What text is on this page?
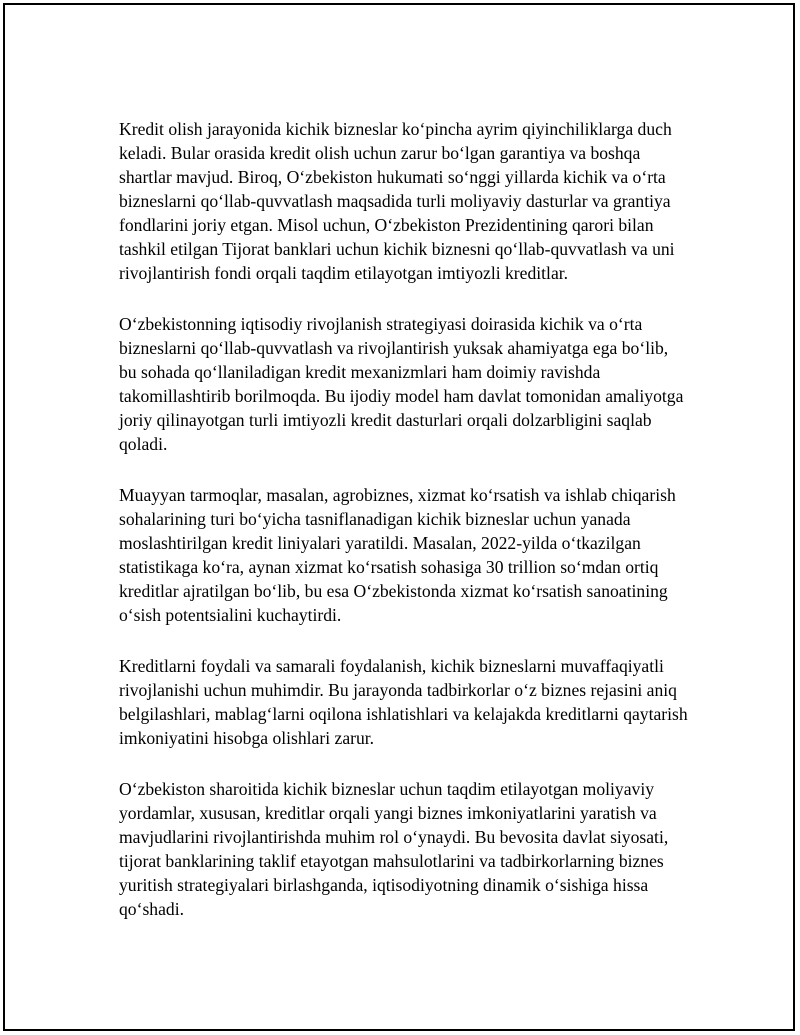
Kredit olish jarayonida kichik bizneslar ko‘pincha ayrim qiyinchiliklarga duch keladi. Bular orasida kredit olish uchun zarur bo‘lgan garantiya va boshqa shartlar mavjud. Biroq, O‘zbekiston hukumati so‘nggi yillarda kichik va o‘rta bizneslarni qo‘llab-quvvatlash maqsadida turli moliyaviy dasturlar va grantiya fondlarini joriy etgan. Misol uchun, O‘zbekiston Prezidentining qarori bilan tashkil etilgan Tijorat banklari uchun kichik biznesni qo‘llab-quvvatlash va uni rivojlantirish fondi orqali taqdim etilayotgan imtiyozli kreditlar.

O‘zbekistonning iqtisodiy rivojlanish strategiyasi doirasida kichik va o‘rta bizneslarni qo‘llab-quvvatlash va rivojlantirish yuksak ahamiyatga ega bo‘lib, bu sohada qo‘llaniladigan kredit mexanizmlari ham doimiy ravishda takomillashtirib borilmoqda. Bu ijodiy model ham davlat tomonidan amaliyotga joriy qilinayotgan turli imtiyozli kredit dasturlari orqali dolzarbligini saqlab qoladi.

Muayyan tarmoqlar, masalan, agrobiznes, xizmat ko‘rsatish va ishlab chiqarish sohalarining turi bo‘yicha tasniflanadigan kichik bizneslar uchun yanada moslashtirilgan kredit liniyalari yaratildi. Masalan, 2022-yilda o‘tkazilgan statistikaga ko‘ra, aynan xizmat ko‘rsatish sohasiga 30 trillion so‘mdan ortiq kreditlar ajratilgan bo‘lib, bu esa O‘zbekistonda xizmat ko‘rsatish sanoatining o‘sish potentsialini kuchaytirdi.

Kreditlarni foydali va samarali foydalanish, kichik bizneslarni muvaffaqiyatli rivojlanishi uchun muhimdir. Bu jarayonda tadbirkorlar o‘z biznes rejasini aniq belgilashlari, mablag‘larni oqilona ishlatishlari va kelajakda kreditlarni qaytarish imkoniyatini hisobga olishlari zarur.

O‘zbekiston sharoitida kichik bizneslar uchun taqdim etilayotgan moliyaviy yordamlar, xususan, kreditlar orqali yangi biznes imkoniyatlarini yaratish va mavjudlarini rivojlantirishda muhim rol o‘ynaydi. Bu bevosita davlat siyosati, tijorat banklarining taklif etayotgan mahsulotlarini va tadbirkorlarning biznes yuritish strategiyalari birlashganda, iqtisodiyotning dinamik o‘sishiga hissa qo‘shadi.
